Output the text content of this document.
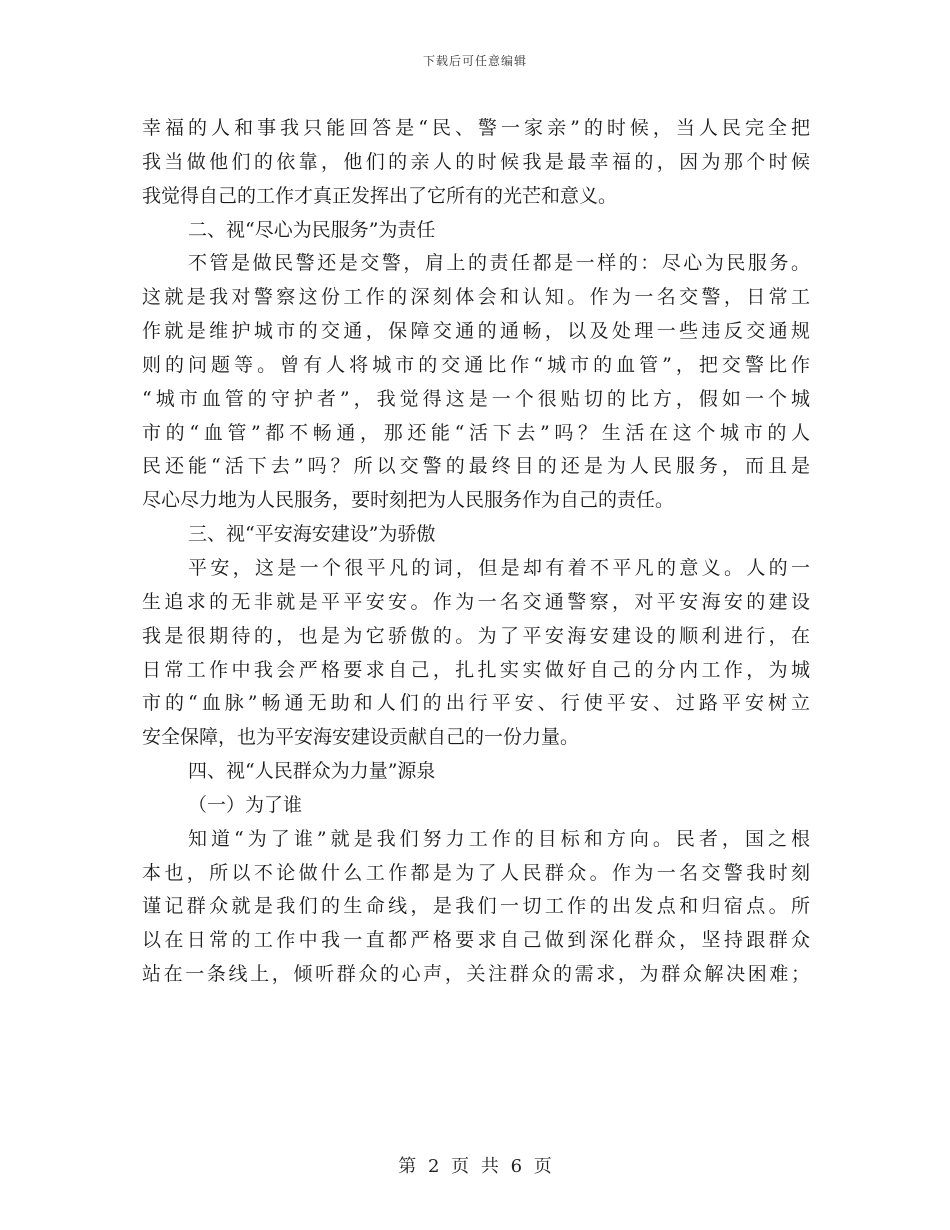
下载后可任意编辑
幸福的人和事我只能回答是“民、警一家亲”的时候，当人民完全把
我当做他们的依靠，他们的亲人的时候我是最幸福的，因为那个时候
我觉得自己的工作才真正发挥出了它所有的光芒和意义。
二、视“尽心为民服务”为责任
不管是做民警还是交警，肩上的责任都是一样的：尽心为民服务。
这就是我对警察这份工作的深刻体会和认知。作为一名交警，日常工
作就是维护城市的交通，保障交通的通畅，以及处理一些违反交通规
则的问题等。曾有人将城市的交通比作“城市的血管”，把交警比作
“城市血管的守护者”，我觉得这是一个很贴切的比方，假如一个城
市的“血管”都不畅通，那还能“活下去”吗？生活在这个城市的人
民还能“活下去”吗？所以交警的最终目的还是为人民服务，而且是
尽心尽力地为人民服务，要时刻把为人民服务作为自己的责任。
三、视“平安海安建设”为骄傲
平安，这是一个很平凡的词，但是却有着不平凡的意义。人的一
生追求的无非就是平平安安。作为一名交通警察，对平安海安的建设
我是很期待的，也是为它骄傲的。为了平安海安建设的顺利进行，在
日常工作中我会严格要求自己，扎扎实实做好自己的分内工作，为城
市的“血脉”畅通无助和人们的出行平安、行使平安、过路平安树立
安全保障，也为平安海安建设贡献自己的一份力量。
四、视“人民群众为力量”源泉
（一）为了谁
知道“为了谁”就是我们努力工作的目标和方向。民者，国之根
本也，所以不论做什么工作都是为了人民群众。作为一名交警我时刻
谨记群众就是我们的生命线，是我们一切工作的出发点和归宿点。所
以在日常的工作中我一直都严格要求自己做到深化群众，坚持跟群众
站在一条线上，倾听群众的心声，关注群众的需求，为群众解决困难；
第 2 页 共 6 页
